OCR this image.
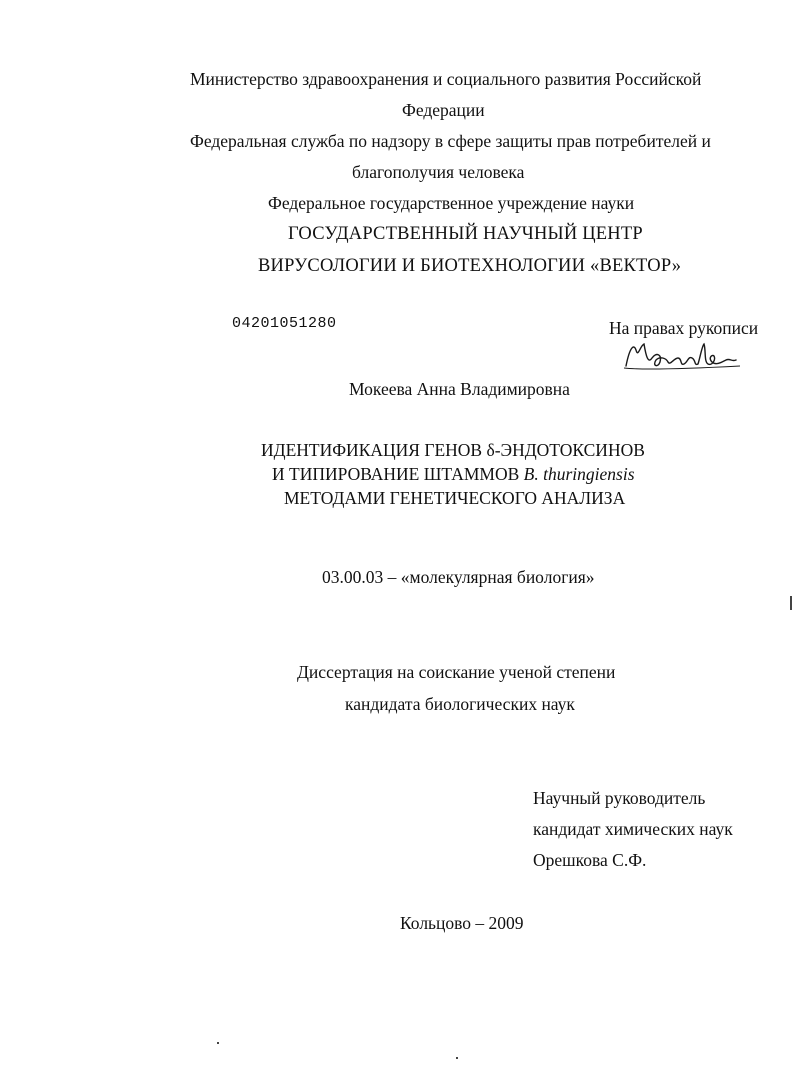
Министерство здравоохранения и социального развития Российской
Федерации
Федеральная служба по надзору в сфере защиты прав потребителей и
благополучия человека
Федеральное государственное учреждение науки
ГОСУДАРСТВЕННЫЙ НАУЧНЫЙ ЦЕНТР
ВИРУСОЛОГИИ И БИОТЕХНОЛОГИИ «ВЕКТОР»
04201051280	На правах рукописи
Мокеева Анна Владимировна
ИДЕНТИФИКАЦИЯ ГЕНОВ δ-ЭНДОТОКСИНОВ
И ТИПИРОВАНИЕ ШТАММОВ B. thuringiensis
МЕТОДАМИ ГЕНЕТИЧЕСКОГО АНАЛИЗА
03.00.03 – «молекулярная биология»
Диссертация на соискание ученой степени
кандидата биологических наук
Научный руководитель
кандидат химических наук
Орешкова С.Ф.
Кольцово – 2009
